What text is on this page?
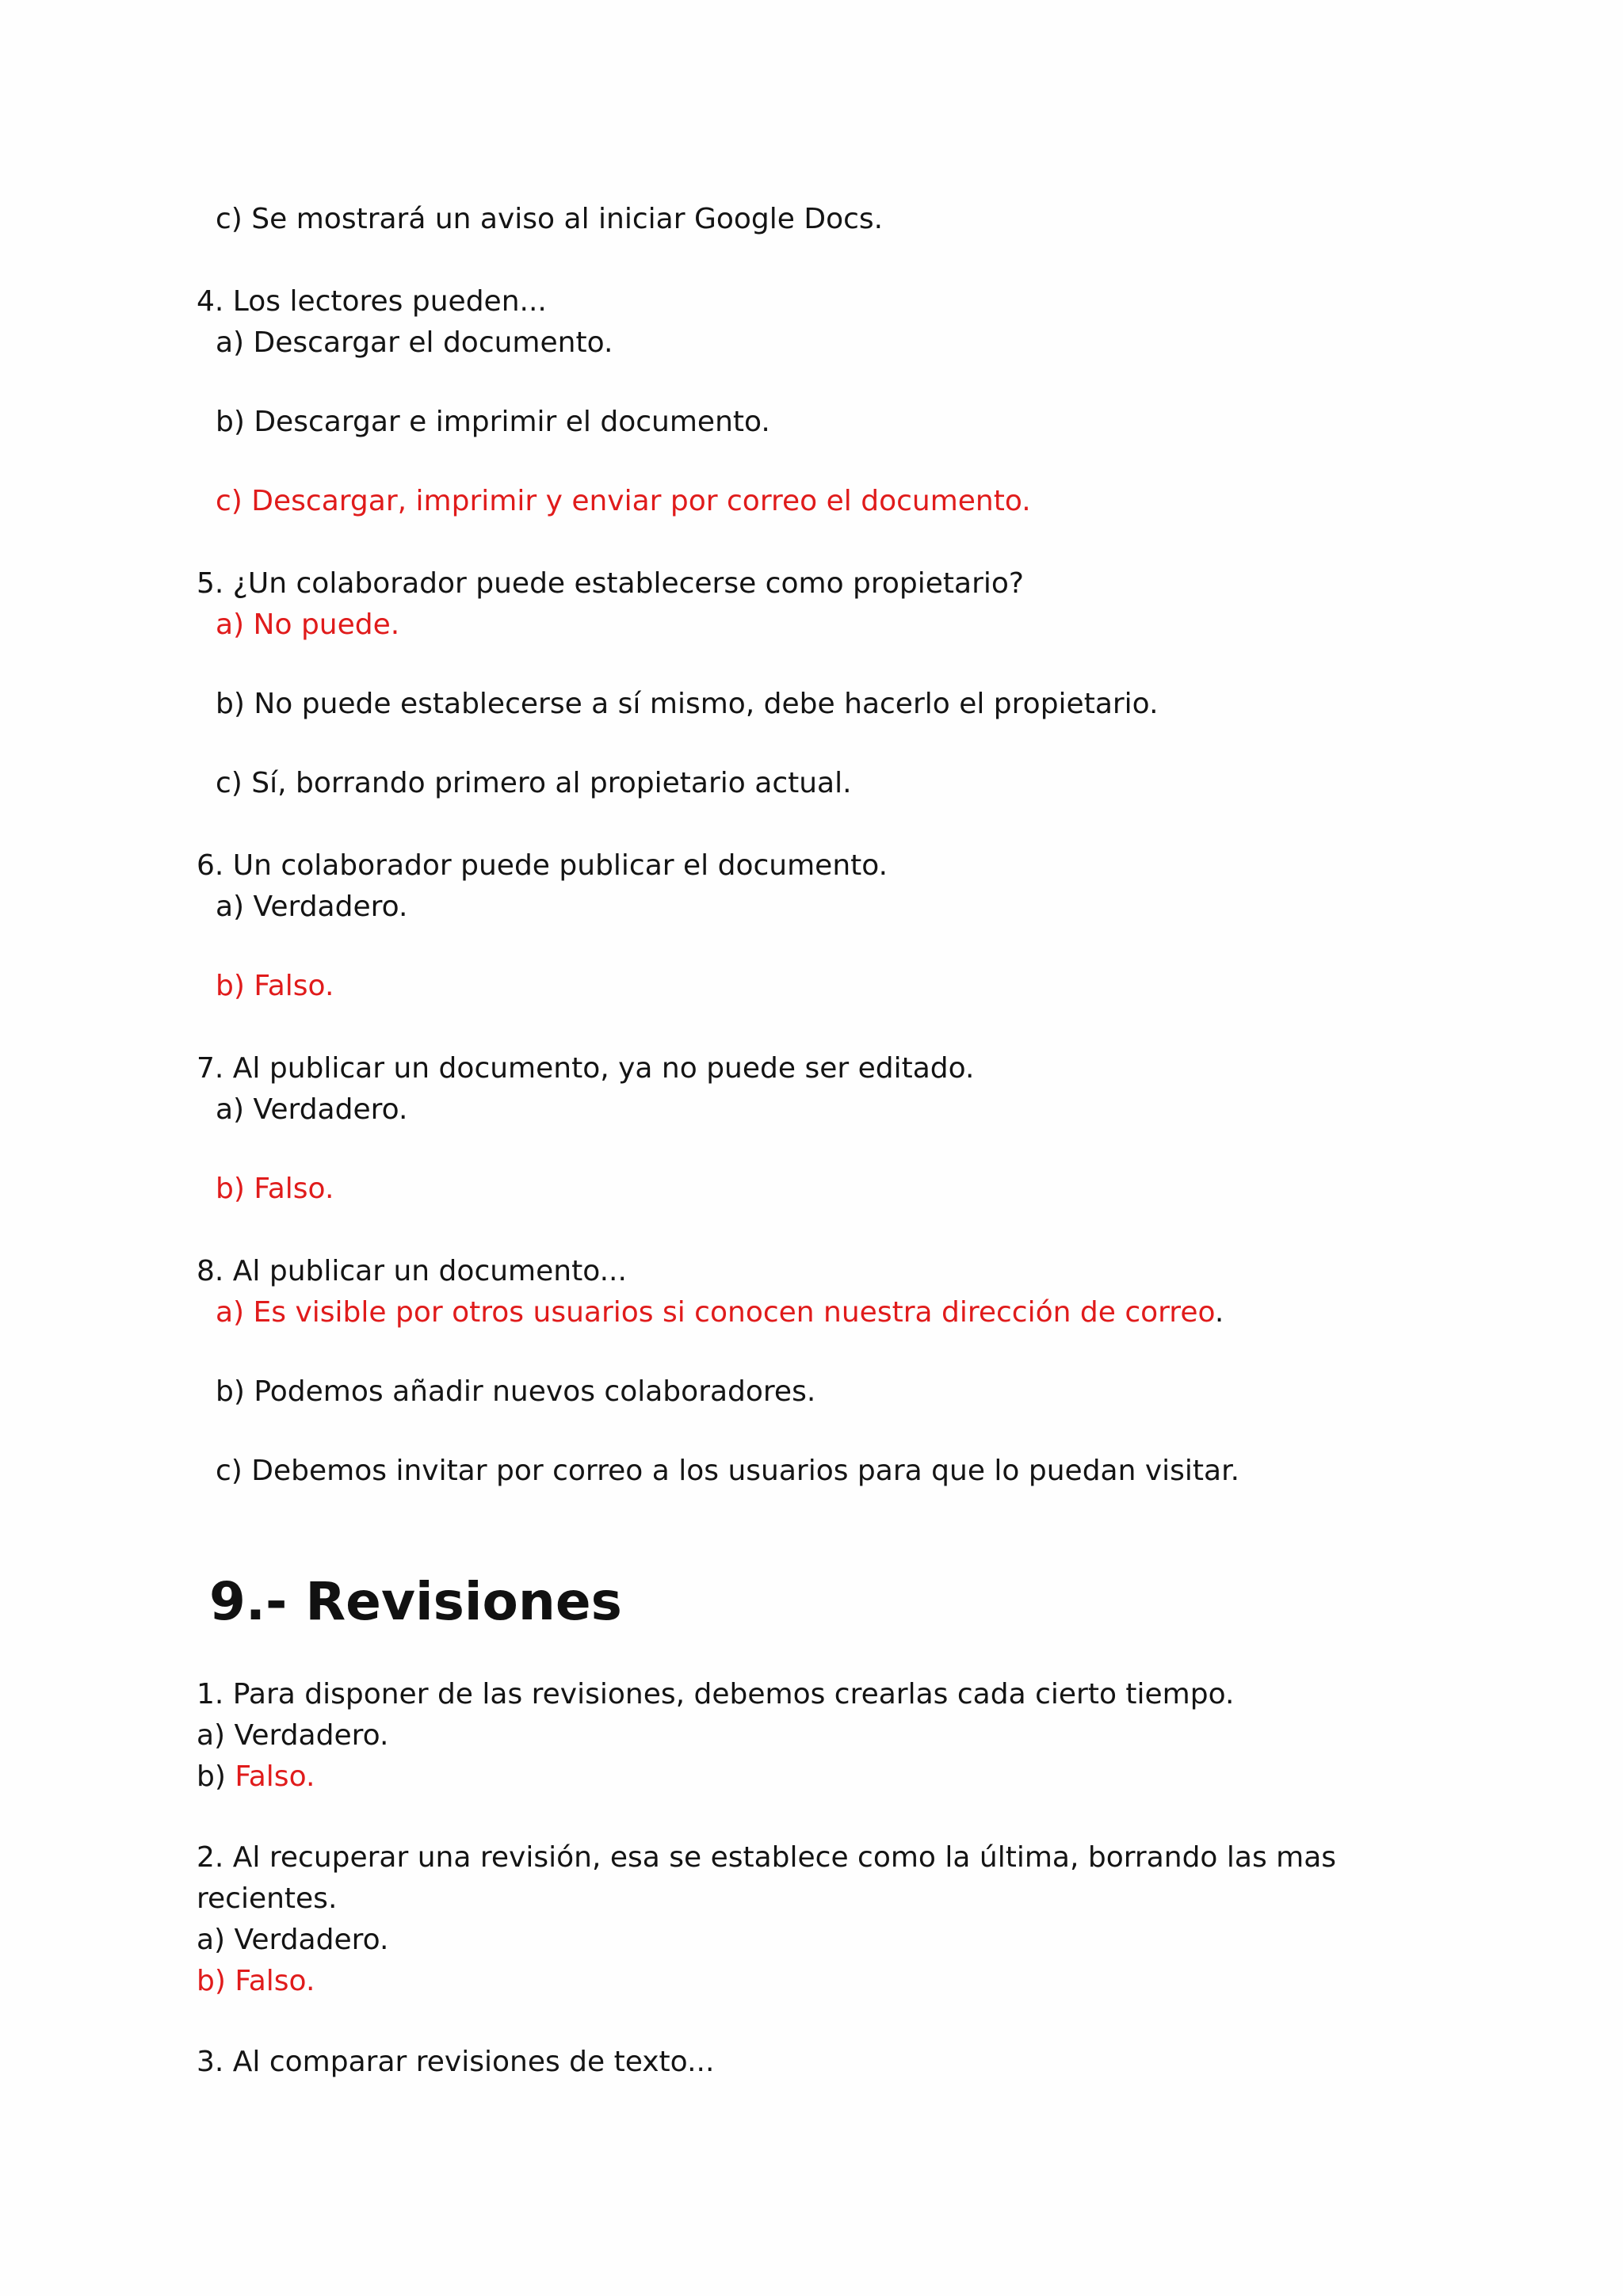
c) Se mostrará un aviso al iniciar Google Docs.

4. Los lectores pueden...

a) Descargar el documento.

b) Descargar e imprimir el documento.

c) Descargar, imprimir y enviar por correo el documento.

5. ¿Un colaborador puede establecerse como propietario?

a) No puede.

b) No puede establecerse a sí mismo, debe hacerlo el propietario.

c) Sí, borrando primero al propietario actual.

6. Un colaborador puede publicar el documento.

a) Verdadero.

b) Falso.

7. Al publicar un documento, ya no puede ser editado.

a) Verdadero.

b) Falso.

8. Al publicar un documento...

a) Es visible por otros usuarios si conocen nuestra dirección de correo.

b) Podemos añadir nuevos colaboradores.

c) Debemos invitar por correo a los usuarios para que lo puedan visitar.

9.- Revisiones

1. Para disponer de las revisiones, debemos crearlas cada cierto tiempo.

a) Verdadero.

b) Falso.

2. Al recuperar una revisión, esa se establece como la última, borrando las mas

recientes.

a) Verdadero.

b) Falso.

3. Al comparar revisiones de texto...
